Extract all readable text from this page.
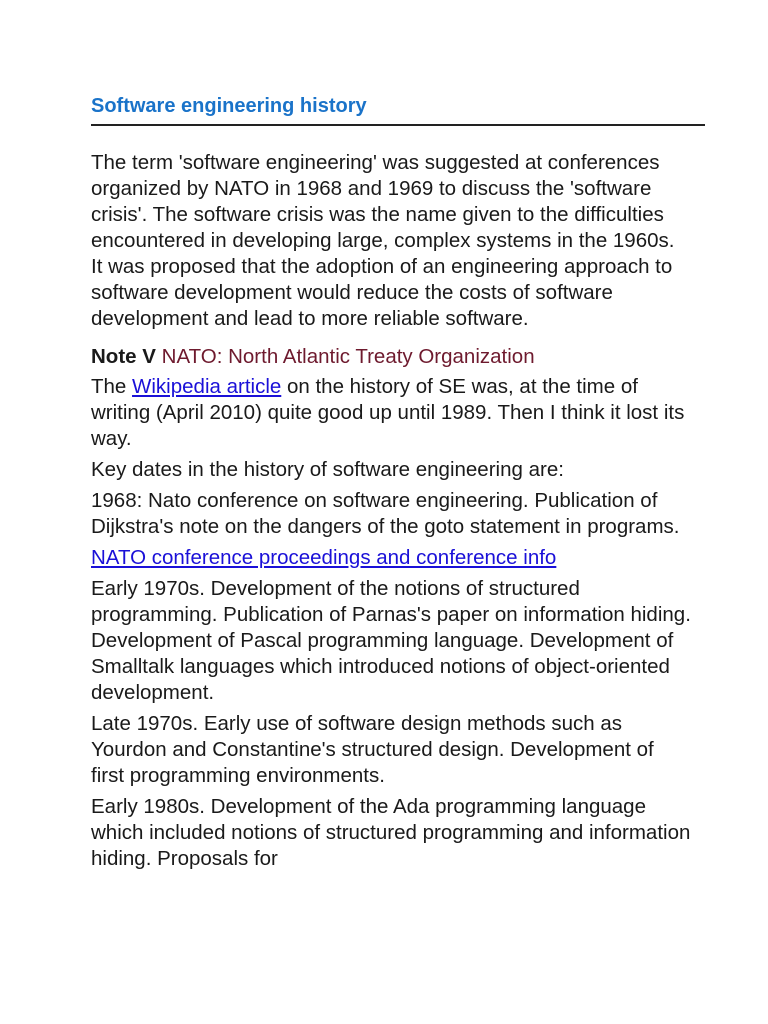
Software engineering history

The term 'software engineering' was suggested at conferences organized by NATO in 1968 and 1969 to discuss the 'software crisis'. The software crisis was the name given to the difficulties encountered in developing large, complex systems in the 1960s. It was proposed that the adoption of an engineering approach to software development would reduce the costs of software development and lead to more reliable software.

Note V NATO: North Atlantic Treaty Organization

The Wikipedia article on the history of SE was, at the time of writing (April 2010) quite good up until 1989. Then I think it lost its way.

Key dates in the history of software engineering are:

1968: Nato conference on software engineering. Publication of Dijkstra's note on the dangers of the goto statement in programs.

NATO conference proceedings and conference info

Early 1970s. Development of the notions of structured programming. Publication of Parnas's paper on information hiding. Development of Pascal programming language. Development of Smalltalk languages which introduced notions of object-oriented development.

Late 1970s. Early use of software design methods such as Yourdon and Constantine's structured design. Development of first programming environments.

Early 1980s. Development of the Ada programming language which included notions of structured programming and information hiding. Proposals for
